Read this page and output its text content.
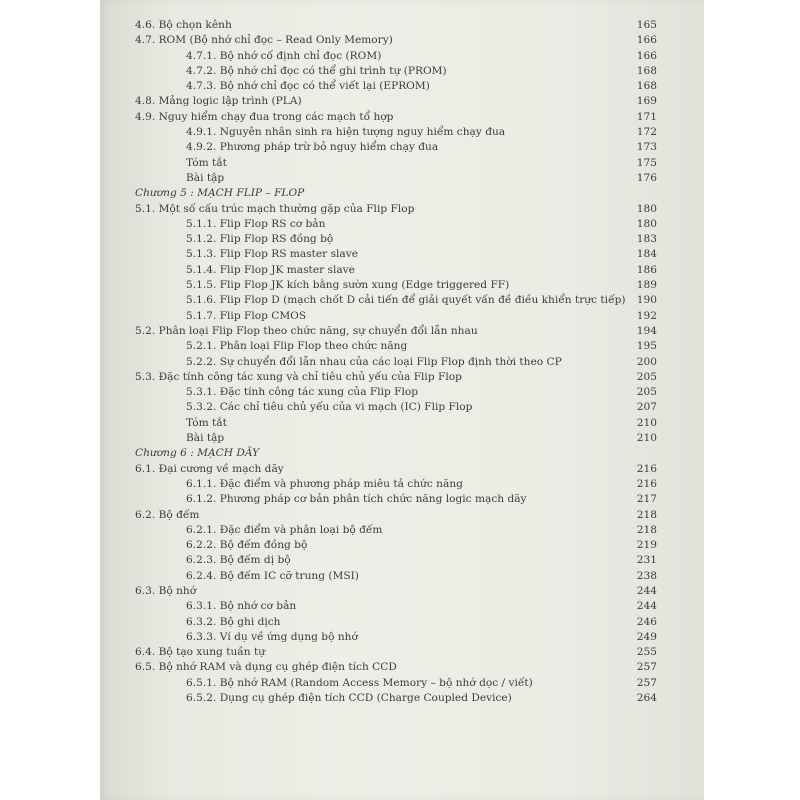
4.6. Bộ chọn kênh	165
4.7. ROM (Bộ nhớ chỉ đọc – Read Only Memory)	166
4.7.1. Bộ nhớ cố định chỉ đọc (ROM)	166
4.7.2. Bộ nhớ chỉ đọc có thể ghi trình tự (PROM)	168
4.7.3. Bộ nhớ chỉ đọc có thể viết lại (EPROM)	168
4.8. Mảng logic lập trình (PLA)	169
4.9. Nguy hiểm chạy đua trong các mạch tổ hợp	171
4.9.1. Nguyên nhân sinh ra hiện tượng nguy hiểm chạy đua	172
4.9.2. Phương pháp trừ bỏ nguy hiểm chạy đua	173
Tóm tắt	175
Bài tập	176
Chương 5 : MẠCH FLIP – FLOP
5.1. Một số cấu trúc mạch thường gặp của Flip Flop	180
5.1.1. Flip Flop RS cơ bản	180
5.1.2. Flip Flop RS đồng bộ	183
5.1.3. Flip Flop RS master slave	184
5.1.4. Flip Flop JK master slave	186
5.1.5. Flip Flop JK kích bằng sườn xung (Edge triggered FF)	189
5.1.6. Flip Flop D (mạch chốt D cải tiến để giải quyết vấn đề điều khiển trực tiếp) 190
5.1.7. Flip Flop CMOS	192
5.2. Phân loại Flip Flop theo chức năng, sự chuyển đổi lẫn nhau	194
5.2.1. Phân loại Flip Flop theo chức năng	195
5.2.2. Sự chuyển đổi lẫn nhau của các loại Flip Flop định thời theo CP	200
5.3. Đặc tính công tác xung và chỉ tiêu chủ yếu của Flip Flop	205
5.3.1. Đặc tính công tác xung của Flip Flop	205
5.3.2. Các chỉ tiêu chủ yếu của vi mạch (IC) Flip Flop	207
Tóm tắt	210
Bài tập	210
Chương 6 : MẠCH DÃY
6.1. Đại cương về mạch dãy	216
6.1.1. Đặc điểm và phương pháp miêu tả chức năng	216
6.1.2. Phương pháp cơ bản phân tích chức năng logic mạch dãy	217
6.2. Bộ đếm	218
6.2.1. Đặc điểm và phân loại bộ đếm	218
6.2.2. Bộ đếm đồng bộ	219
6.2.3. Bộ đếm dị bộ	231
6.2.4. Bộ đếm IC cỡ trung (MSI)	238
6.3. Bộ nhớ	244
6.3.1. Bộ nhớ cơ bản	244
6.3.2. Bộ ghi dịch	246
6.3.3. Ví dụ về ứng dụng bộ nhớ	249
6.4. Bộ tạo xung tuần tự	255
6.5. Bộ nhớ RAM và dụng cụ ghép điện tích CCD	257
6.5.1. Bộ nhớ RAM (Random Access Memory – bộ nhớ dọc / viết)	257
6.5.2. Dụng cụ ghép điện tích CCD (Charge Coupled Device)	264
